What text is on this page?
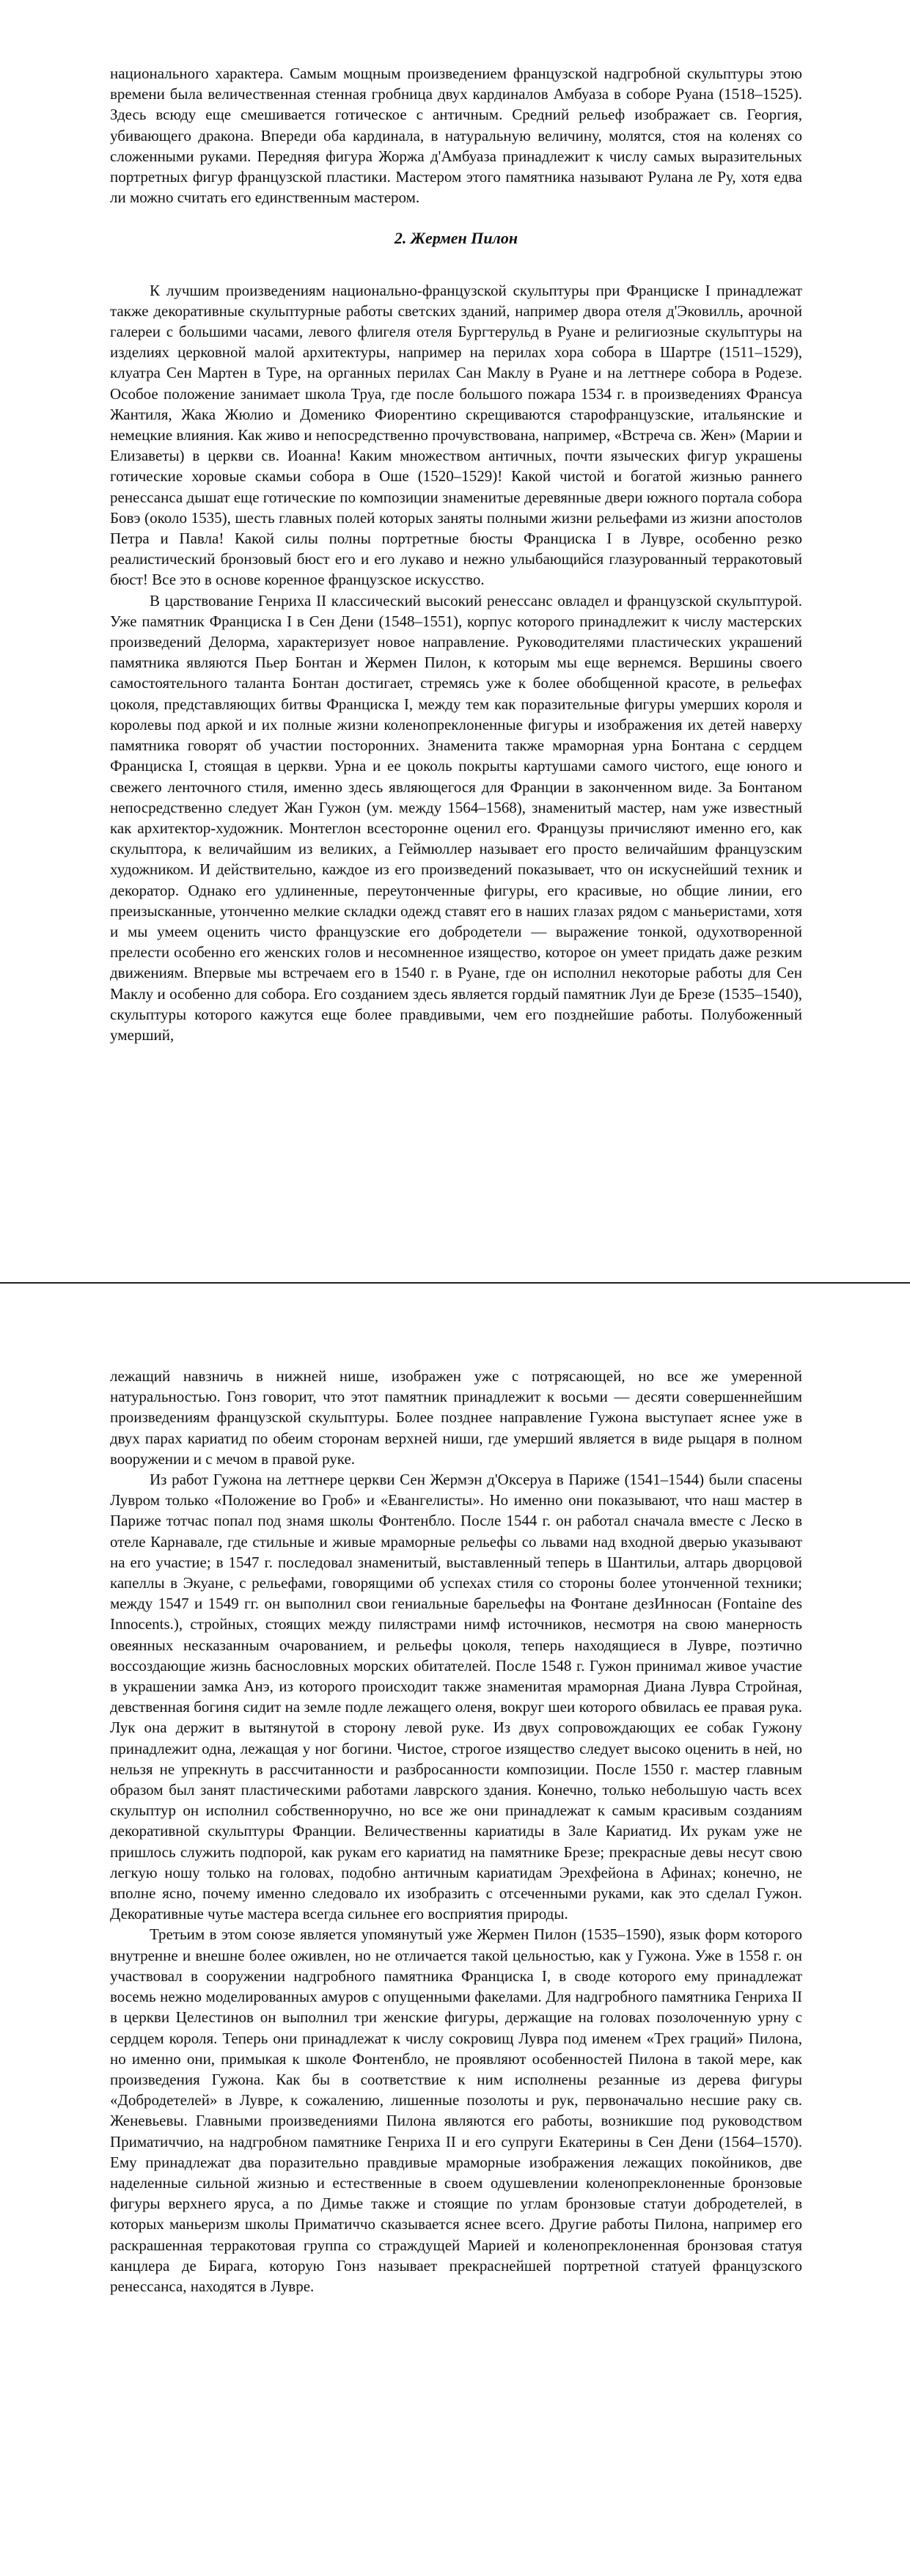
национального характера. Самым мощным произведением французской надгробной скульптуры этою времени была величественная стенная гробница двух кардиналов Амбуаза в соборе Руана (1518–1525). Здесь всюду еще смешивается готическое с античным. Средний рельеф изображает св. Георгия, убивающего дракона. Впереди оба кардинала, в натуральную величину, молятся, стоя на коленях со сложенными руками. Передняя фигура Жоржа д'Амбуаза принадлежит к числу самых выразительных портретных фигур французской пластики. Мастером этого памятника называют Рулана ле Ру, хотя едва ли можно считать его единственным мастером.

2. Жермен Пилон

К лучшим произведениям национально-французской скульптуры при Франциске I принадлежат также декоративные скульптурные работы светских зданий, например двора отеля д'Эковилль, арочной галереи с большими часами, левого флигеля отеля Бургтерульд в Руане и религиозные скульптуры на изделиях церковной малой архитектуры, например на перилах хора собора в Шартре (1511–1529), клуатра Сен Мартен в Туре, на органных перилах Сан Маклу в Руане и на леттнере собора в Родезе. Особое положение занимает школа Труа, где после большого пожара 1534 г. в произведениях Франсуа Жантиля, Жака Жюлио и Доменико Фиорентино скрещиваются старофранцузские, итальянские и немецкие влияния. Как живо и непосредственно прочувствована, например, «Встреча св. Жен» (Марии и Елизаветы) в церкви св. Иоанна! Каким множеством античных, почти языческих фигур украшены готические хоровые скамьи собора в Оше (1520–1529)! Какой чистой и богатой жизнью раннего ренессанса дышат еще готические по композиции знаменитые деревянные двери южного портала собора Бовэ (около 1535), шесть главных полей которых заняты полными жизни рельефами из жизни апостолов Петра и Павла! Какой силы полны портретные бюсты Франциска I в Лувре, особенно резко реалистический бронзовый бюст его и его лукаво и нежно улыбающийся глазурованный терракотовый бюст! Все это в основе коренное французское искусство.

В царствование Генриха II классический высокий ренессанс овладел и французской скульптурой. Уже памятник Франциска I в Сен Дени (1548–1551), корпус которого принадлежит к числу мастерских произведений Делорма, характеризует новое направление. Руководителями пластических украшений памятника являются Пьер Бонтан и Жермен Пилон, к которым мы еще вернемся. Вершины своего самостоятельного таланта Бонтан достигает, стремясь уже к более обобщенной красоте, в рельефах цоколя, представляющих битвы Франциска I, между тем как поразительные фигуры умерших короля и королевы под аркой и их полные жизни коленопреклоненные фигуры и изображения их детей наверху памятника говорят об участии посторонних. Знаменита также мраморная урна Бонтана с сердцем Франциска I, стоящая в церкви. Урна и ее цоколь покрыты картушами самого чистого, еще юного и свежего ленточного стиля, именно здесь являющегося для Франции в законченном виде. За Бонтаном непосредственно следует Жан Гужон (ум. между 1564–1568), знаменитый мастер, нам уже известный как архитектор-художник. Монтеглон всесторонне оценил его. Французы причисляют именно его, как скульптора, к величайшим из великих, а Геймюллер называет его просто величайшим французским художником. И действительно, каждое из его произведений показывает, что он искуснейший техник и декоратор. Однако его удлиненные, переутонченные фигуры, его красивые, но общие линии, его преизысканные, утонченно мелкие складки одежд ставят его в наших глазах рядом с маньеристами, хотя и мы умеем оценить чисто французские его добродетели — выражение тонкой, одухотворенной прелести особенно его женских голов и несомненное изящество, которое он умеет придать даже резким движениям. Впервые мы встречаем его в 1540 г. в Руане, где он исполнил некоторые работы для Сен Маклу и особенно для собора. Его созданием здесь является гордый памятник Луи де Брезе (1535–1540), скульптуры которого кажутся еще более правдивыми, чем его позднейшие работы. Полубоженный умерший,

лежащий навзничь в нижней нише, изображен уже с потрясающей, но все же умеренной натуральностью. Гонз говорит, что этот памятник принадлежит к восьми — десяти совершеннейшим произведениям французской скульптуры. Более позднее направление Гужона выступает яснее уже в двух парах кариатид по обеим сторонам верхней ниши, где умерший является в виде рыцаря в полном вооружении и с мечом в правой руке.

Из работ Гужона на леттнере церкви Сен Жермэн д'Оксеруа в Париже (1541–1544) были спасены Лувром только «Положение во Гроб» и «Евангелисты». Но именно они показывают, что наш мастер в Париже тотчас попал под знамя школы Фонтенбло. После 1544 г. он работал сначала вместе с Леско в отеле Карнавале, где стильные и живые мраморные рельефы со львами над входной дверью указывают на его участие; в 1547 г. последовал знаменитый, выставленный теперь в Шантильи, алтарь дворцовой капеллы в Экуане, с рельефами, говорящими об успехах стиля со стороны более утонченной техники; между 1547 и 1549 гг. он выполнил свои гениальные барельефы на Фонтане дезИнносан (Fontaine des Innocents.), стройных, стоящих между пилястрами нимф источников, несмотря на свою манерность овеянных несказанным очарованием, и рельефы цоколя, теперь находящиеся в Лувре, поэтично воссоздающие жизнь баснословных морских обитателей. После 1548 г. Гужон принимал живое участие в украшении замка Анэ, из которого происходит также знаменитая мраморная Диана Лувра Стройная, девственная богиня сидит на земле подле лежащего оленя, вокруг шеи которого обвилась ее правая рука. Лук она держит в вытянутой в сторону левой руке. Из двух сопровождающих ее собак Гужону принадлежит одна, лежащая у ног богини. Чистое, строгое изящество следует высоко оценить в ней, но нельзя не упрекнуть в рассчитанности и разбросанности композиции. После 1550 г. мастер главным образом был занят пластическими работами лаврского здания. Конечно, только небольшую часть всех скульптур он исполнил собственноручно, но все же они принадлежат к самым красивым созданиям декоративной скульптуры Франции. Величественны кариатиды в Зале Кариатид. Их рукам уже не пришлось служить подпорой, как рукам его кариатид на памятнике Брезе; прекрасные девы несут свою легкую ношу только на головах, подобно античным кариатидам Эрехфейона в Афинах; конечно, не вполне ясно, почему именно следовало их изобразить с отсеченными руками, как это сделал Гужон. Декоративные чутье мастера всегда сильнее его восприятия природы.

Третьим в этом союзе является упомянутый уже Жермен Пилон (1535–1590), язык форм которого внутренне и внешне более оживлен, но не отличается такой цельностью, как у Гужона. Уже в 1558 г. он участвовал в сооружении надгробного памятника Франциска I, в своде которого ему принадлежат восемь нежно моделированных амуров с опущенными факелами. Для надгробного памятника Генриха II в церкви Целестинов он выполнил три женские фигуры, держащие на головах позолоченную урну с сердцем короля. Теперь они принадлежат к числу сокровищ Лувра под именем «Трех граций» Пилона, но именно они, примыкая к школе Фонтенбло, не проявляют особенностей Пилона в такой мере, как произведения Гужона. Как бы в соответствие к ним исполнены резанные из дерева фигуры «Добродетелей» в Лувре, к сожалению, лишенные позолоты и рук, первоначально несшие раку св. Женевьевы. Главными произведениями Пилона являются его работы, возникшие под руководством Приматиччио, на надгробном памятнике Генриха II и его супруги Екатерины в Сен Дени (1564–1570). Ему принадлежат два поразительно правдивые мраморные изображения лежащих покойников, две наделенные сильной жизнью и естественные в своем одушевлении коленопреклоненные бронзовые фигуры верхнего яруса, а по Димье также и стоящие по углам бронзовые статуи добродетелей, в которых маньеризм школы Приматиччо сказывается яснее всего. Другие работы Пилона, например его раскрашенная терракотовая группа со страждущей Марией и коленопреклоненная бронзовая статуя канцлера де Бирага, которую Гонз называет прекраснейшей портретной статуей французского ренессанса, находятся в Лувре.
